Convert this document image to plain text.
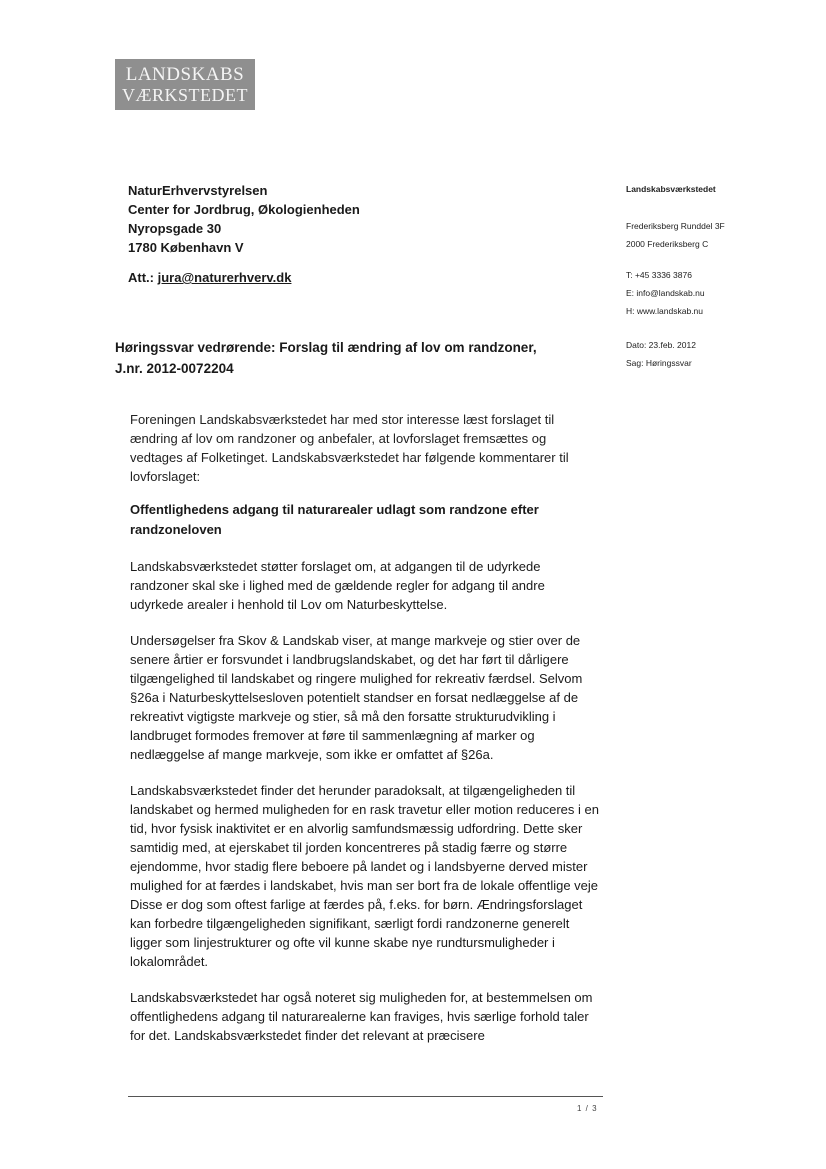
LANDSKABS
VÆRKSTEDET
NaturErhvervstyrelsen
Center for Jordbrug, Økologienheden
Nyropsgade 30
1780 København V
Att.: jura@naturerhverv.dk
Landskabsværkstedet
Frederiksberg Runddel 3F
2000 Frederiksberg C
T: +45 3336 3876
E: info@landskab.nu
H: www.landskab.nu
Dato: 23.feb. 2012
Sag: Høringssvar
Høringssvar vedrørende: Forslag til ændring af lov om randzoner,
J.nr. 2012-0072204

Foreningen Landskabsværkstedet har med stor interesse læst forslaget til ændring af lov om randzoner og anbefaler, at lovforslaget fremsættes og vedtages af Folketinget. Landskabsværkstedet har følgende kommentarer til lovforslaget:

Offentlighedens adgang til naturarealer udlagt som randzone efter randzoneloven

Landskabsværkstedet støtter forslaget om, at adgangen til de udyrkede randzoner skal ske i lighed med de gældende regler for adgang til andre udyrkede arealer i henhold til Lov om Naturbeskyttelse.

Undersøgelser fra Skov & Landskab viser, at mange markveje og stier over de senere årtier er forsvundet i landbrugslandskabet, og det har ført til dårligere tilgængelighed til landskabet og ringere mulighed for rekreativ færdsel. Selvom §26a i Naturbeskyttelsesloven potentielt standser en forsat nedlæggelse af de rekreativt vigtigste markveje og stier, så må den forsatte strukturudvikling i landbruget formodes fremover at føre til sammenlægning af marker og nedlæggelse af mange markveje, som ikke er omfattet af §26a.

Landskabsværkstedet finder det herunder paradoksalt, at tilgængeligheden til landskabet og hermed muligheden for en rask travetur eller motion reduceres i en tid, hvor fysisk inaktivitet er en alvorlig samfundsmæssig udfordring. Dette sker samtidig med, at ejerskabet til jorden koncentreres på stadig færre og større ejendomme, hvor stadig flere beboere på landet og i landsbyerne derved mister mulighed for at færdes i landskabet, hvis man ser bort fra de lokale offentlige veje Disse er dog som oftest farlige at færdes på, f.eks. for børn. Ændringsforslaget kan forbedre tilgængeligheden signifikant, særligt fordi randzonerne generelt ligger som linjestrukturer og ofte vil kunne skabe nye rundtursmuligheder i lokalområdet.

Landskabsværkstedet har også noteret sig muligheden for, at bestemmelsen om offentlighedens adgang til naturarealerne kan fraviges, hvis særlige forhold taler for det. Landskabsværkstedet finder det relevant at præcisere

1 / 3
